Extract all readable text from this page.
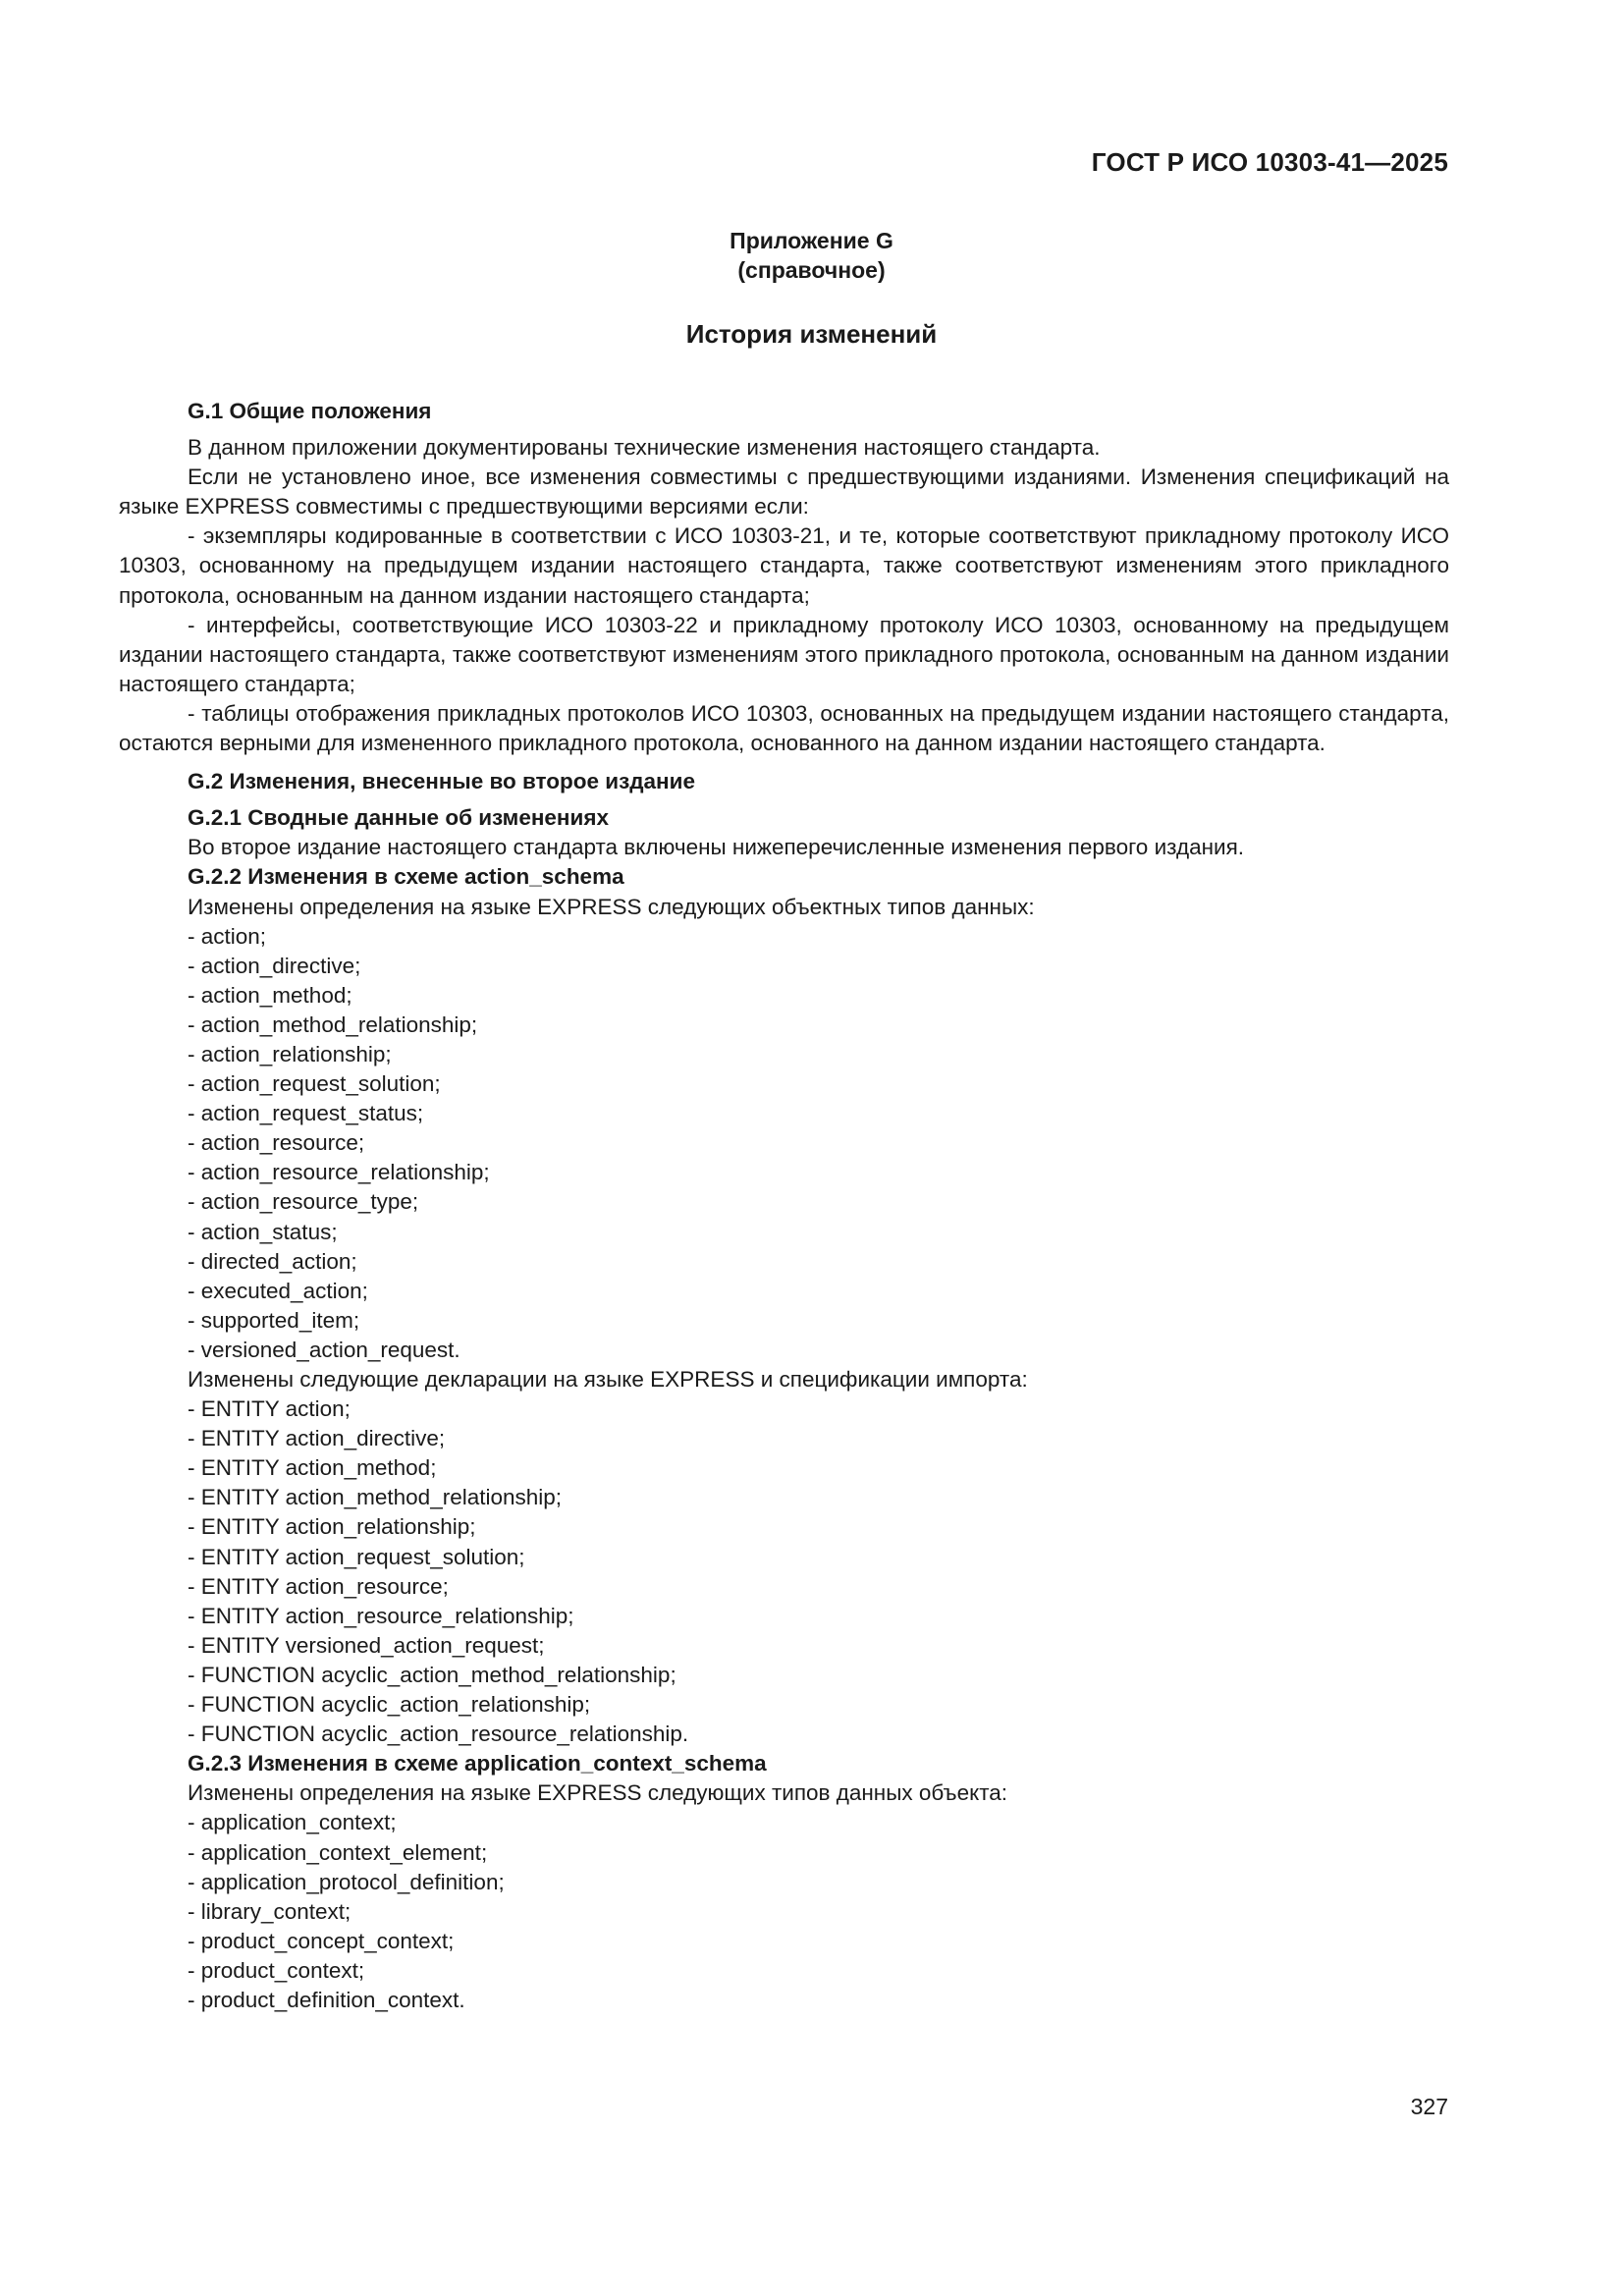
ГОСТ Р ИСО 10303-41—2025
Приложение G
(справочное)
История изменений
G.1 Общие положения

В данном приложении документированы технические изменения настоящего стандарта.

Если не установлено иное, все изменения совместимы с предшествующими изданиями. Изменения спецификаций на языке EXPRESS совместимы с предшествующими версиями если:

- экземпляры кодированные в соответствии с ИСО 10303-21, и те, которые соответствуют прикладному протоколу ИСО 10303, основанному на предыдущем издании настоящего стандарта, также соответствуют изменениям этого прикладного протокола, основанным на данном издании настоящего стандарта;

- интерфейсы, соответствующие ИСО 10303-22 и прикладному протоколу ИСО 10303, основанному на предыдущем издании настоящего стандарта, также соответствуют изменениям этого прикладного протокола, основанным на данном издании настоящего стандарта;

- таблицы отображения прикладных протоколов ИСО 10303, основанных на предыдущем издании настоящего стандарта, остаются верными для измененного прикладного протокола, основанного на данном издании настоящего стандарта.

G.2 Изменения, внесенные во второе издание
G.2.1 Сводные данные об изменениях
Во второе издание настоящего стандарта включены нижеперечисленные изменения первого издания.
G.2.2 Изменения в схеме action_schema
Изменены определения на языке EXPRESS следующих объектных типов данных:
- action;
- action_directive;
- action_method;
- action_method_relationship;
- action_relationship;
- action_request_solution;
- action_request_status;
- action_resource;
- action_resource_relationship;
- action_resource_type;
- action_status;
- directed_action;
- executed_action;
- supported_item;
- versioned_action_request.
Изменены следующие декларации на языке EXPRESS и спецификации импорта:
- ENTITY action;
- ENTITY action_directive;
- ENTITY action_method;
- ENTITY action_method_relationship;
- ENTITY action_relationship;
- ENTITY action_request_solution;
- ENTITY action_resource;
- ENTITY action_resource_relationship;
- ENTITY versioned_action_request;
- FUNCTION acyclic_action_method_relationship;
- FUNCTION acyclic_action_relationship;
- FUNCTION acyclic_action_resource_relationship.
G.2.3 Изменения в схеме application_context_schema
Изменены определения на языке EXPRESS следующих типов данных объекта:
- application_context;
- application_context_element;
- application_protocol_definition;
- library_context;
- product_concept_context;
- product_context;
- product_definition_context.
327
